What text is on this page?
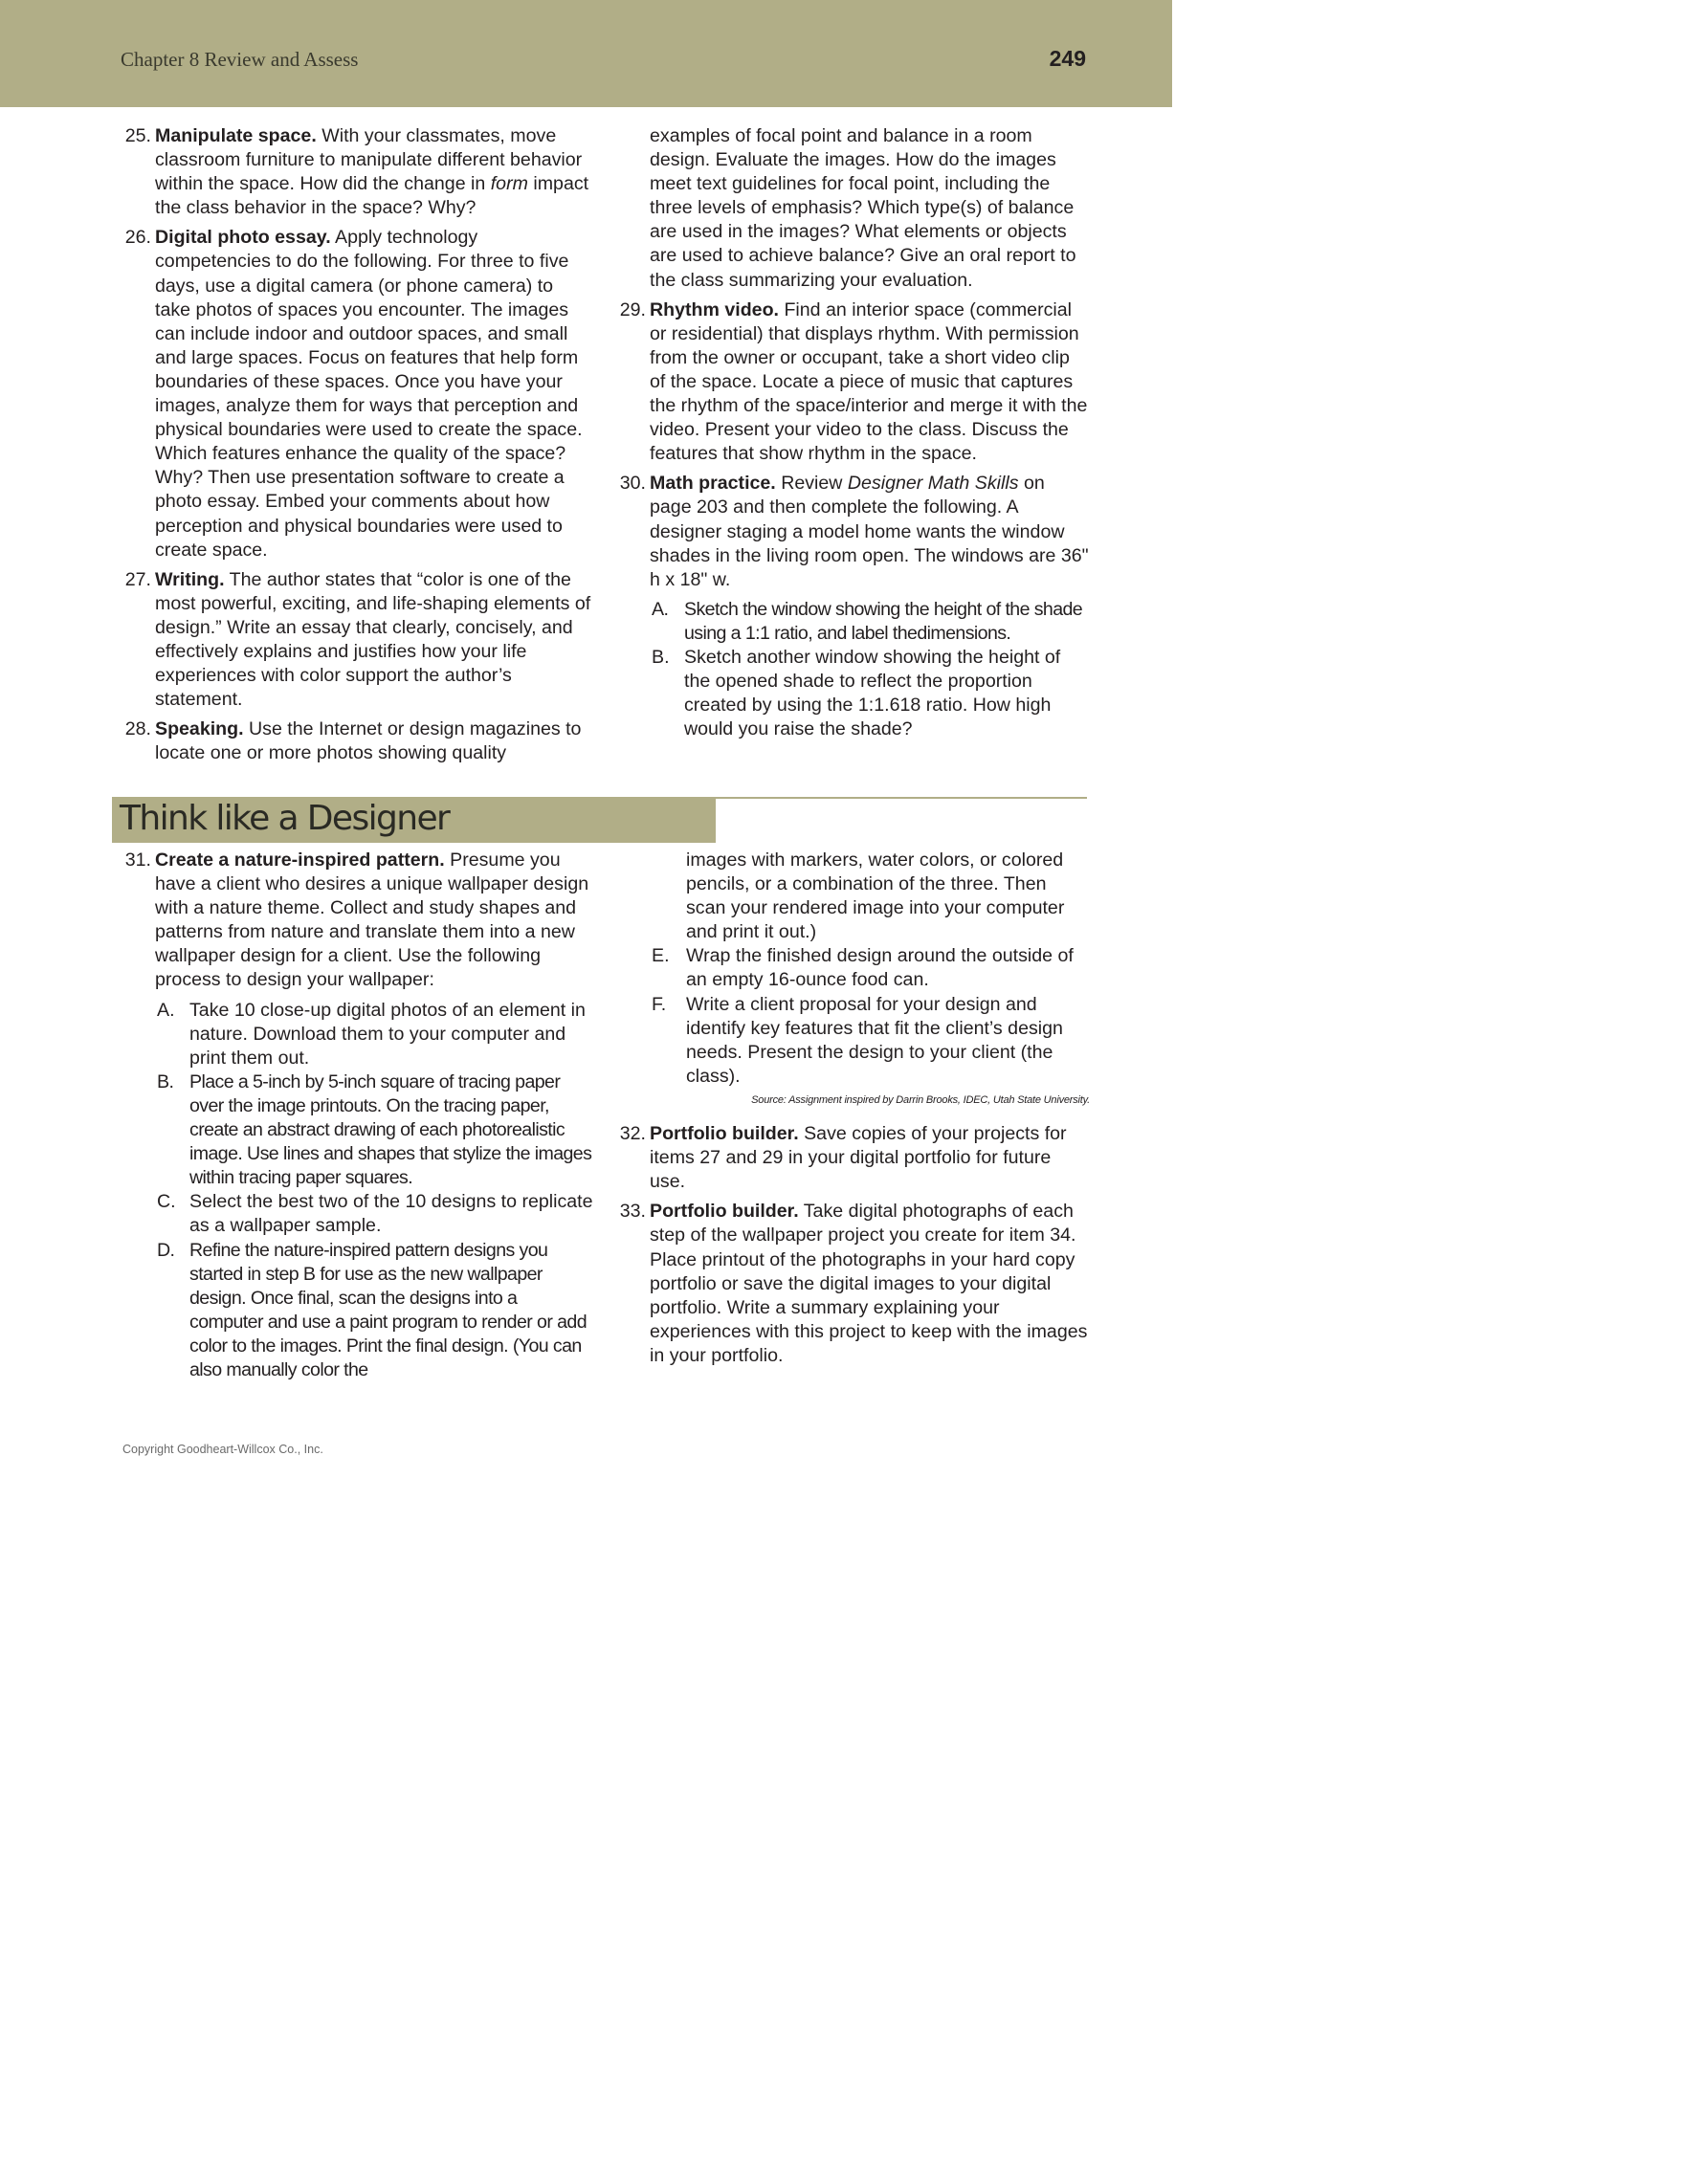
Chapter 8 Review and Assess	249
25. Manipulate space. With your classmates, move classroom furniture to manipulate different behavior within the space. How did the change in form impact the class behavior in the space? Why?
26. Digital photo essay. Apply technology competencies to do the following. For three to five days, use a digital camera (or phone camera) to take photos of spaces you encounter. The images can include indoor and outdoor spaces, and small and large spaces. Focus on features that help form boundaries of these spaces. Once you have your images, analyze them for ways that perception and physical boundaries were used to create the space. Which features enhance the quality of the space? Why? Then use presentation software to create a photo essay. Embed your comments about how perception and physical boundaries were used to create space.
27. Writing. The author states that “color is one of the most powerful, exciting, and life-shaping elements of design.” Write an essay that clearly, concisely, and effectively explains and justifies how your life experiences with color support the author’s statement.
28. Speaking. Use the Internet or design magazines to locate one or more photos showing quality
examples of focal point and balance in a room design. Evaluate the images. How do the images meet text guidelines for focal point, including the three levels of emphasis? Which type(s) of balance are used in the images? What elements or objects are used to achieve balance? Give an oral report to the class summarizing your evaluation.
29. Rhythm video. Find an interior space (commercial or residential) that displays rhythm. With permission from the owner or occupant, take a short video clip of the space. Locate a piece of music that captures the rhythm of the space/interior and merge it with the video. Present your video to the class. Discuss the features that show rhythm in the space.
30. Math practice. Review Designer Math Skills on page 203 and then complete the following. A designer staging a model home wants the window shades in the living room open. The windows are 36" h x 18" w.
A. Sketch the window showing the height of the shade using a 1:1 ratio, and label thedimensions.
B. Sketch another window showing the height of the opened shade to reflect the proportion created by using the 1:1.618 ratio. How high would you raise the shade?
Think like a Designer
31. Create a nature-inspired pattern. Presume you have a client who desires a unique wallpaper design with a nature theme. Collect and study shapes and patterns from nature and translate them into a new wallpaper design for a client. Use the following process to design your wallpaper:
A. Take 10 close-up digital photos of an element in nature. Download them to your computer and print them out.
B. Place a 5-inch by 5-inch square of tracing paper over the image printouts. On the tracing paper, create an abstract drawing of each photorealistic image. Use lines and shapes that stylize the images within tracing paper squares.
C. Select the best two of the 10 designs to replicate as a wallpaper sample.
D. Refine the nature-inspired pattern designs you started in step B for use as the new wallpaper design. Once final, scan the designs into a computer and use a paint program to render or add color to the images. Print the final design. (You can also manually color the
images with markers, water colors, or colored pencils, or a combination of the three. Then scan your rendered image into your computer and print it out.)
E. Wrap the finished design around the outside of an empty 16-ounce food can.
F.	Write a client proposal for your design and identify key features that fit the client’s design needs. Present the design to your client (the class).
Source: Assignment inspired by Darrin Brooks, IDEC, Utah State University.
32. Portfolio builder. Save copies of your projects for items 27 and 29 in your digital portfolio for future use.
33. Portfolio builder. Take digital photographs of each step of the wallpaper project you create for item 34. Place printout of the photographs in your hard copy portfolio or save the digital images to your digital portfolio. Write a summary explaining your experiences with this project to keep with the images in your portfolio.
Copyright Goodheart-Willcox Co., Inc.
